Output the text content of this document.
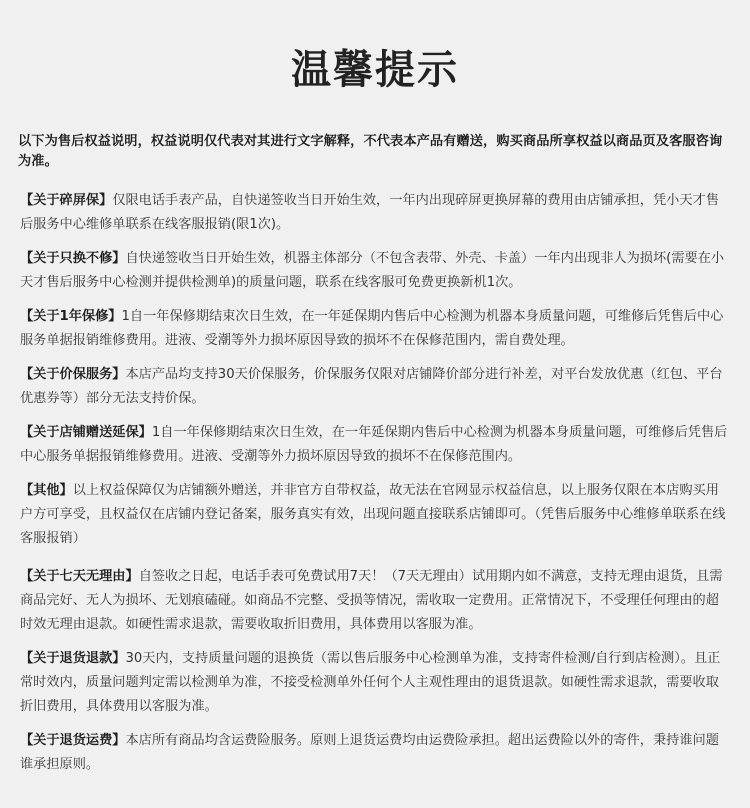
温馨提示
以下为售后权益说明，权益说明仅代表对其进行文字解释，不代表本产品有赠送，购买商品所享权益以商品页及客服咨询为准。
【关于碎屏保】仅限电话手表产品，自快递签收当日开始生效，一年内出现碎屏更换屏幕的费用由店铺承担，凭小天才售后服务中心维修单联系在线客服报销(限1次)。
【关于只换不修】自快递签收当日开始生效，机器主体部分（不包含表带、外壳、卡盖）一年内出现非人为损坏(需要在小天才售后服务中心检测并提供检测单)的质量问题，联系在线客服可免费更换新机1次。
【关于1年保修】1自一年保修期结束次日生效，在一年延保期内售后中心检测为机器本身质量问题，可维修后凭售后中心服务单据报销维修费用。进液、受潮等外力损坏原因导致的损坏不在保修范围内，需自费处理。
【关于价保服务】本店产品均支持30天价保服务，价保服务仅限对店铺降价部分进行补差，对平台发放优惠（红包、平台优惠券等）部分无法支持价保。
【关于店铺赠送延保】1自一年保修期结束次日生效，在一年延保期内售后中心检测为机器本身质量问题，可维修后凭售后中心服务单据报销维修费用。进液、受潮等外力损坏原因导致的损坏不在保修范围内。
【其他】以上权益保障仅为店铺额外赠送，并非官方自带权益，故无法在官网显示权益信息，以上服务仅限在本店购买用户方可享受，且权益仅在店铺内登记备案，服务真实有效，出现问题直接联系店铺即可。（凭售后服务中心维修单联系在线客服报销）
【关于七天无理由】自签收之日起，电话手表可免费试用7天！（7天无理由）试用期内如不满意，支持无理由退货，且需商品完好、无人为损坏、无划痕磕碰。如商品不完整、受损等情况，需收取一定费用。正常情况下，不受理任何理由的超时效无理由退款。如硬性需求退款，需要收取折旧费用，具体费用以客服为准。
【关于退货退款】30天内，支持质量问题的退换货（需以售后服务中心检测单为准，支持寄件检测/自行到店检测）。且正常时效内，质量问题判定需以检测单为准，不接受检测单外任何个人主观性理由的退货退款。如硬性需求退款，需要收取折旧费用，具体费用以客服为准。
【关于退货运费】本店所有商品均含运费险服务。原则上退货运费均由运费险承担。超出运费险以外的寄件，秉持谁问题谁承担原则。
